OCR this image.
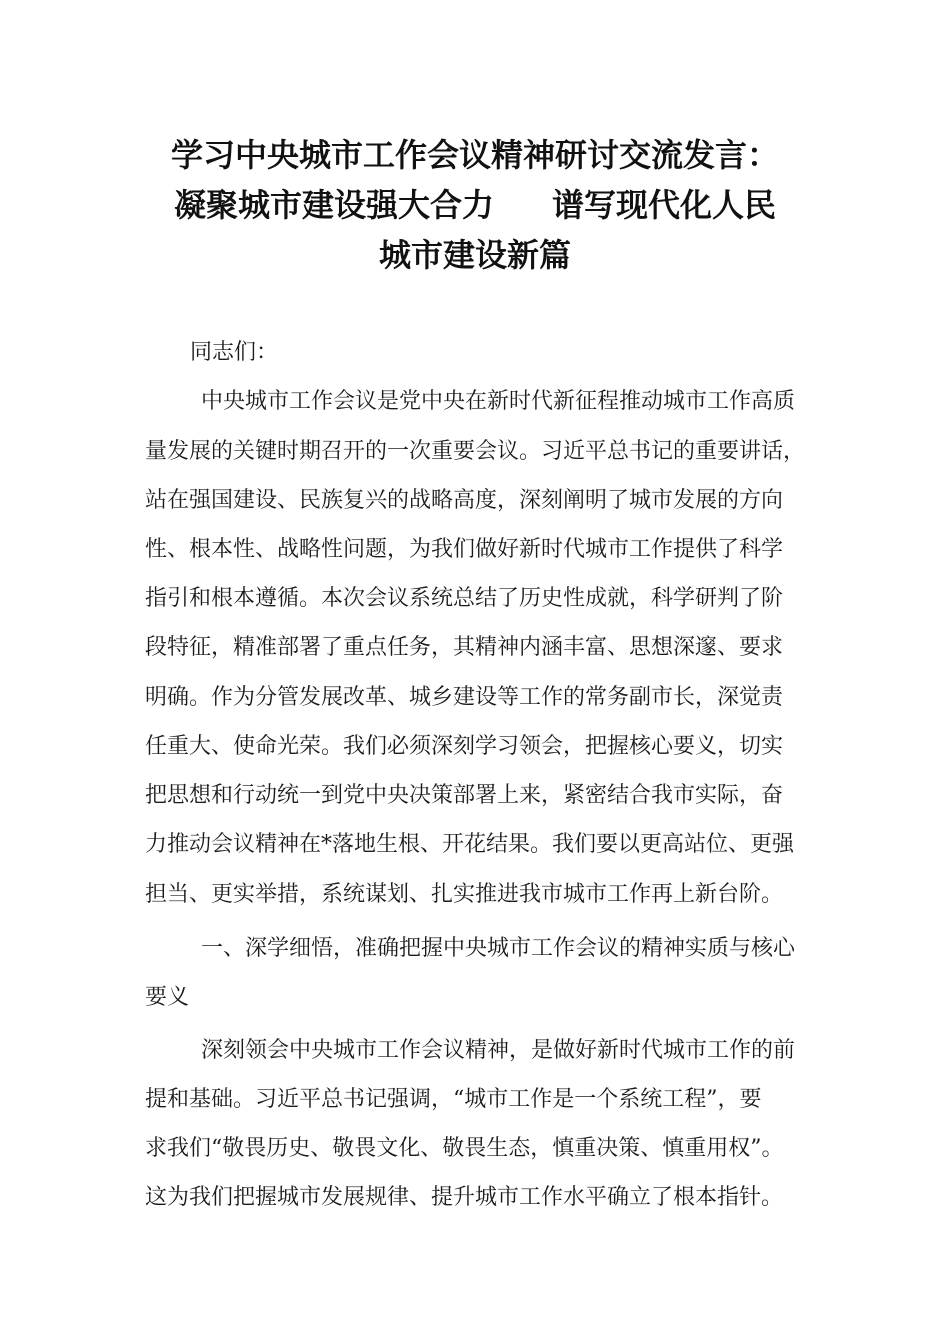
学习中央城市工作会议精神研讨交流发言：
凝聚城市建设强大合力 谱写现代化人民
城市建设新篇
同志们：
中央城市工作会议是党中央在新时代新征程推动城市工作高质
量发展的关键时期召开的一次重要会议。习近平总书记的重要讲话，
站在强国建设、民族复兴的战略高度，深刻阐明了城市发展的方向
性、根本性、战略性问题，为我们做好新时代城市工作提供了科学
指引和根本遵循。本次会议系统总结了历史性成就，科学研判了阶
段特征，精准部署了重点任务，其精神内涵丰富、思想深邃、要求
明确。作为分管发展改革、城乡建设等工作的常务副市长，深觉责
任重大、使命光荣。我们必须深刻学习领会，把握核心要义，切实
把思想和行动统一到党中央决策部署上来，紧密结合我市实际，奋
力推动会议精神在*落地生根、开花结果。我们要以更高站位、更强
担当、更实举措，系统谋划、扎实推进我市城市工作再上新台阶。
一、深学细悟，准确把握中央城市工作会议的精神实质与核心
要义
深刻领会中央城市工作会议精神，是做好新时代城市工作的前
提和基础。习近平总书记强调，“城市工作是一个系统工程”，要
求我们“敬畏历史、敬畏文化、敬畏生态，慎重决策、慎重用权”。
这为我们把握城市发展规律、提升城市工作水平确立了根本指针。
